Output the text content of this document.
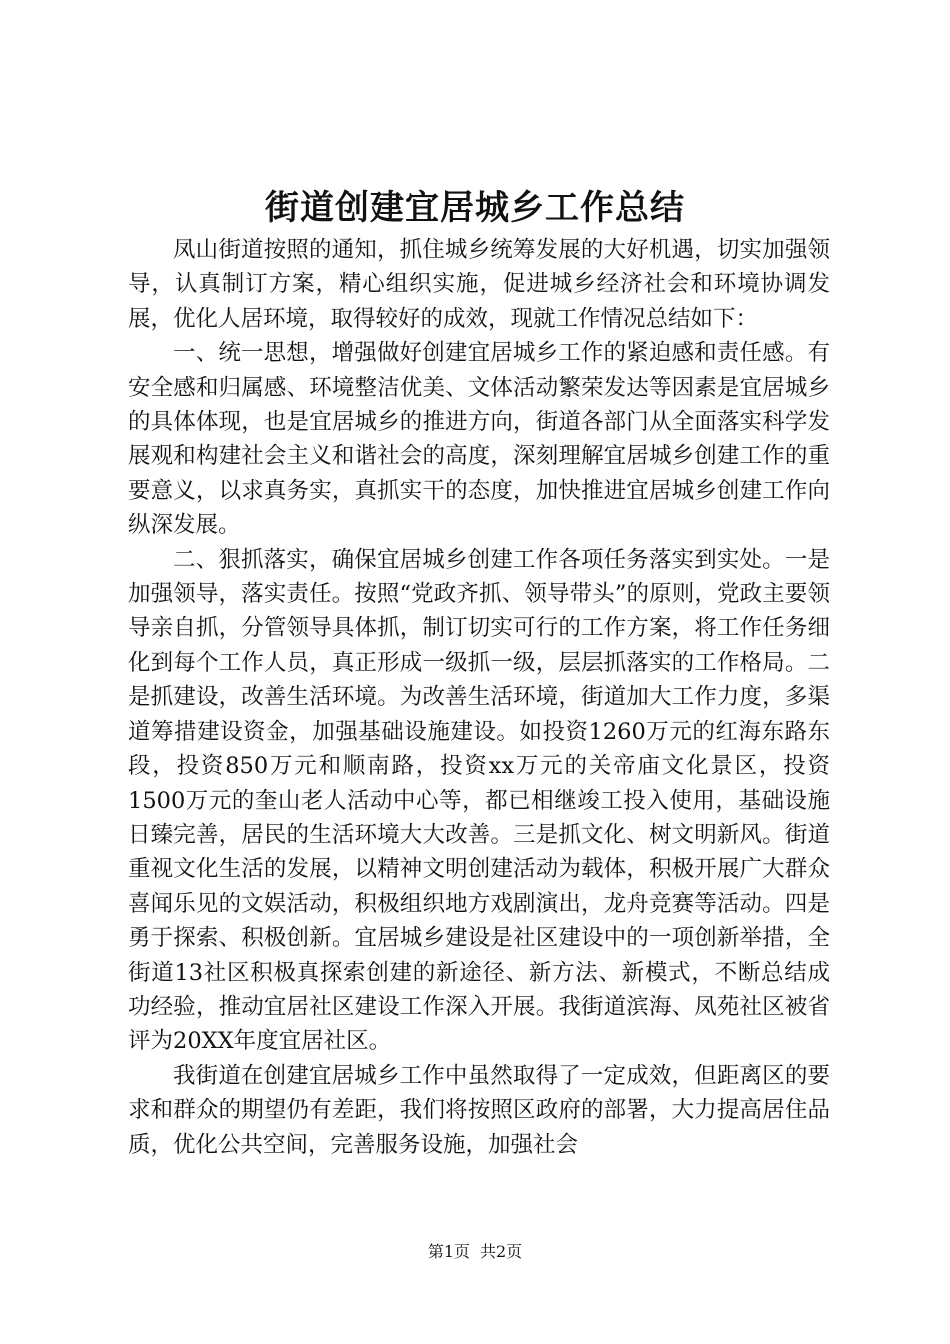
街道创建宜居城乡工作总结

凤山街道按照的通知，抓住城乡统筹发展的大好机遇，切实加强领导，认真制订方案，精心组织实施，促进城乡经济社会和环境协调发展，优化人居环境，取得较好的成效，现就工作情况总结如下：

一、统一思想，增强做好创建宜居城乡工作的紧迫感和责任感。有安全感和归属感、环境整洁优美、文体活动繁荣发达等因素是宜居城乡的具体体现，也是宜居城乡的推进方向，街道各部门从全面落实科学发展观和构建社会主义和谐社会的高度，深刻理解宜居城乡创建工作的重要意义，以求真务实，真抓实干的态度，加快推进宜居城乡创建工作向纵深发展。

二、狠抓落实，确保宜居城乡创建工作各项任务落实到实处。一是加强领导，落实责任。按照“党政齐抓、领导带头”的原则，党政主要领导亲自抓，分管领导具体抓，制订切实可行的工作方案，将工作任务细化到每个工作人员，真正形成一级抓一级，层层抓落实的工作格局。二是抓建设，改善生活环境。为改善生活环境，街道加大工作力度，多渠道筹措建设资金，加强基础设施建设。如投资1260万元的红海东路东段，投资850万元和顺南路，投资xx万元的关帝庙文化景区，投资1500万元的奎山老人活动中心等，都已相继竣工投入使用，基础设施日臻完善，居民的生活环境大大改善。三是抓文化、树文明新风。街道重视文化生活的发展，以精神文明创建活动为载体，积极开展广大群众喜闻乐见的文娱活动，积极组织地方戏剧演出，龙舟竞赛等活动。四是勇于探索、积极创新。宜居城乡建设是社区建设中的一项创新举措，全街道13社区积极真探索创建的新途径、新方法、新模式，不断总结成功经验，推动宜居社区建设工作深入开展。我街道滨海、凤苑社区被省评为20XX年度宜居社区。

我街道在创建宜居城乡工作中虽然取得了一定成效，但距离区的要求和群众的期望仍有差距，我们将按照区政府的部署，大力提高居住品质，优化公共空间，完善服务设施，加强社会

第1页 共2页
